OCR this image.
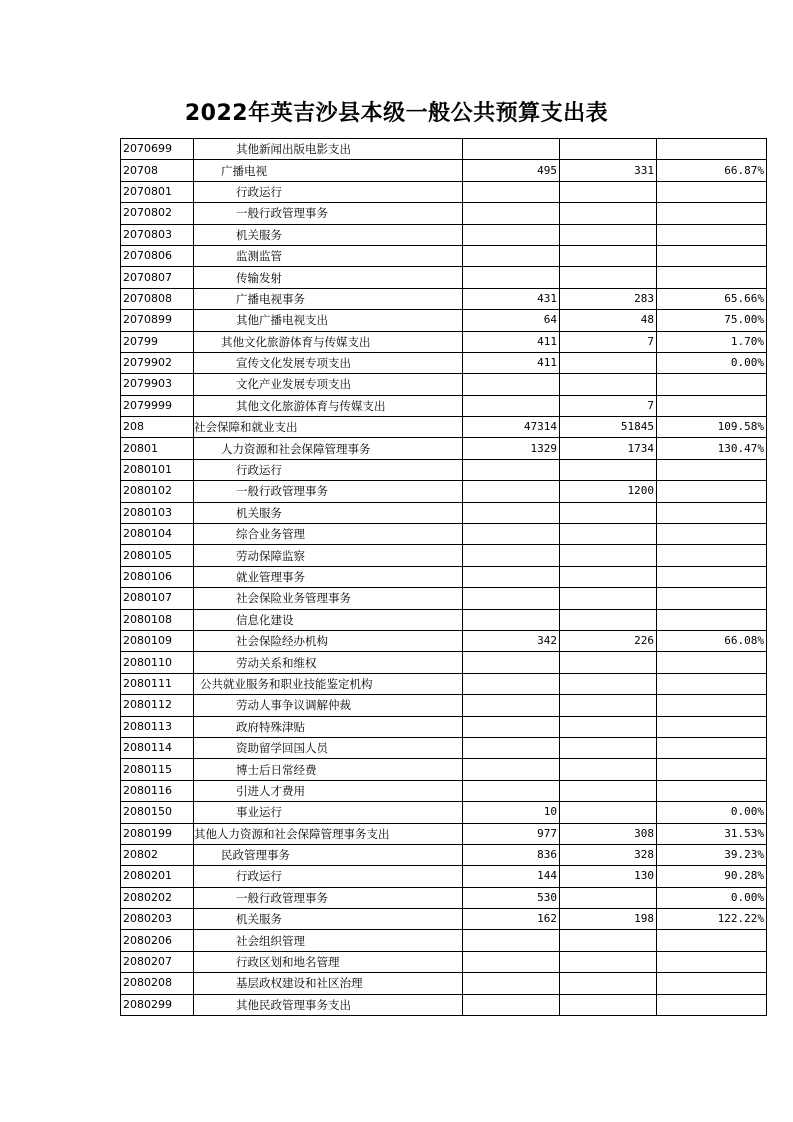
2022年英吉沙县本级一般公共预算支出表
2070699	其他新闻出版电影支出			
20708	广播电视	495	331	66.87%
2070801	行政运行			
2070802	一般行政管理事务			
2070803	机关服务			
2070806	监测监管			
2070807	传输发射			
2070808	广播电视事务	431	283	65.66%
2070899	其他广播电视支出	64	48	75.00%
20799	其他文化旅游体育与传媒支出	411	7	1.70%
2079902	宣传文化发展专项支出	411		0.00%
2079903	文化产业发展专项支出			
2079999	其他文化旅游体育与传媒支出		7	
208	社会保障和就业支出	47314	51845	109.58%
20801	人力资源和社会保障管理事务	1329	1734	130.47%
2080101	行政运行			
2080102	一般行政管理事务		1200	
2080103	机关服务			
2080104	综合业务管理			
2080105	劳动保障监察			
2080106	就业管理事务			
2080107	社会保险业务管理事务			
2080108	信息化建设			
2080109	社会保险经办机构	342	226	66.08%
2080110	劳动关系和维权			
2080111	公共就业服务和职业技能鉴定机构			
2080112	劳动人事争议调解仲裁			
2080113	政府特殊津贴			
2080114	资助留学回国人员			
2080115	博士后日常经费			
2080116	引进人才费用			
2080150	事业运行	10		0.00%
2080199	其他人力资源和社会保障管理事务支出	977	308	31.53%
20802	民政管理事务	836	328	39.23%
2080201	行政运行	144	130	90.28%
2080202	一般行政管理事务	530		0.00%
2080203	机关服务	162	198	122.22%
2080206	社会组织管理			
2080207	行政区划和地名管理			
2080208	基层政权建设和社区治理			
2080299	其他民政管理事务支出			
